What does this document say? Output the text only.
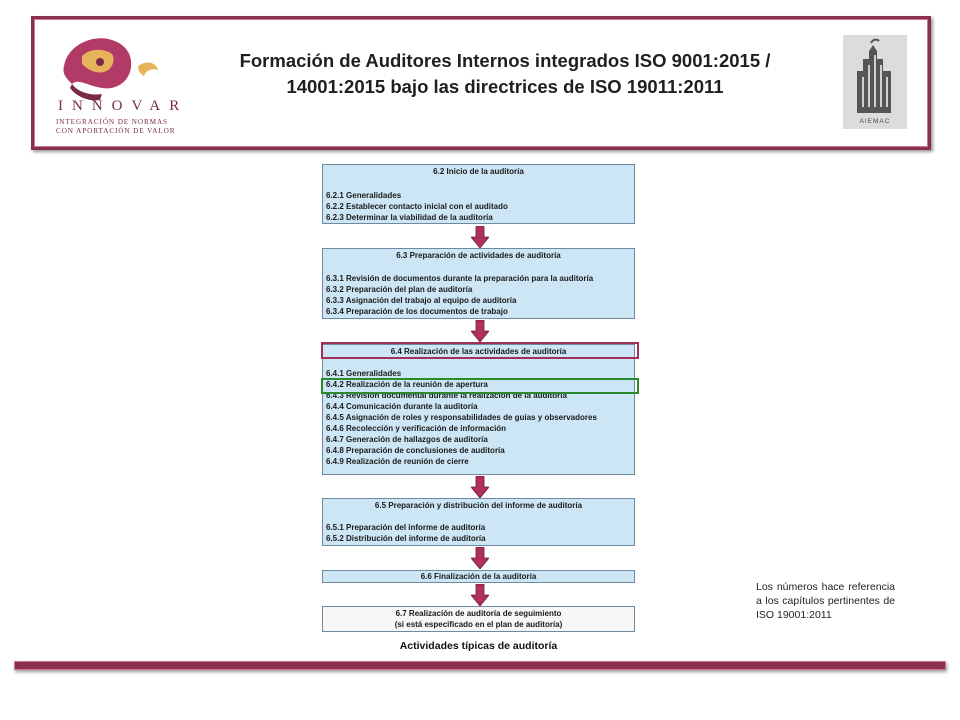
INNOVAR
INTEGRACIÓN DE NORMAS
CON APORTACIÓN DE VALOR
Formación de Auditores Internos integrados ISO 9001:2015 /
14001:2015 bajo las directrices de ISO 19011:2011
AIEMAC
6.2 Inicio de la auditoría
6.2.1 Generalidades
6.2.2 Establecer contacto inicial con el auditado
6.2.3 Determinar la viabilidad de la auditoría
6.3 Preparación de actividades de auditoría
6.3.1 Revisión de documentos durante la preparación para la auditoría
6.3.2 Preparación del plan de auditoría
6.3.3 Asignación del trabajo al equipo de auditoría
6.3.4 Preparación de los documentos de trabajo
6.4 Realización de las actividades de auditoría
6.4.1 Generalidades
6.4.2 Realización de la reunión de apertura
6.4.3 Revisión documental durante la realización de la auditoría
6.4.4 Comunicación durante la auditoría
6.4.5 Asignación de roles y responsabilidades de guías y observadores
6.4.6 Recolección y verificación de información
6.4.7 Generación de hallazgos de auditoría
6.4.8 Preparación de conclusiones de auditoría
6.4.9 Realización de reunión de cierre
6.5 Preparación y distribución del informe de auditoría
6.5.1 Preparación del informe de auditoría
6.5.2 Distribución del informe de auditoría
6.6 Finalización de la auditoría
6.7 Realización de auditoría de seguimiento
(si está especificado en el plan de auditoría)
Actividades típicas de auditoría
Los números hace referencia a los capítulos pertinentes de ISO 19001:2011
